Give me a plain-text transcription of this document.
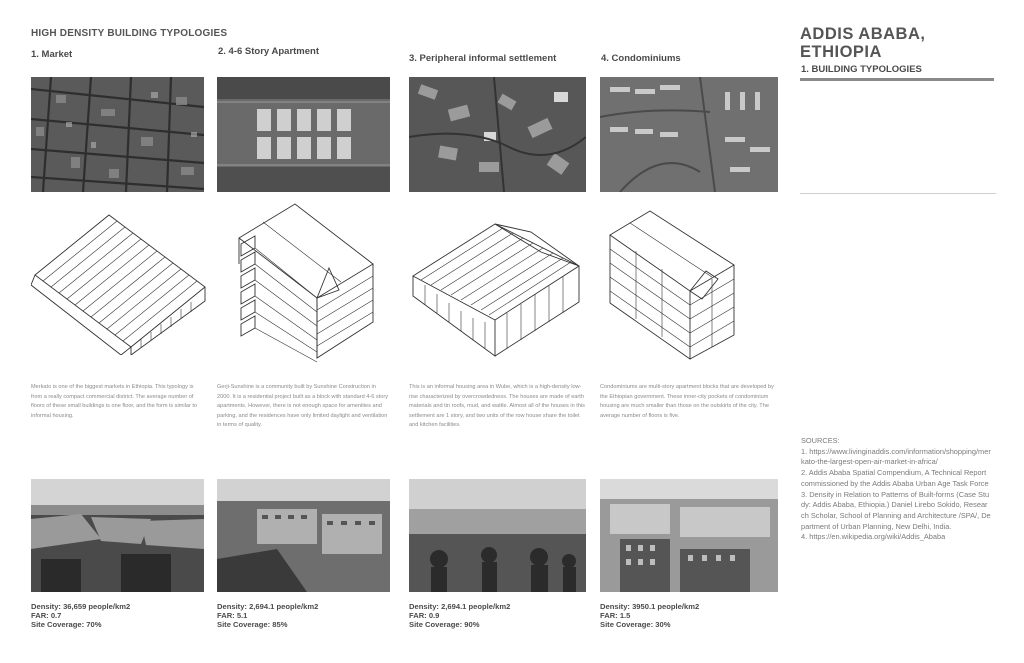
HIGH DENSITY BUILDING TYPOLOGIES
1. Market	2. 4-6 Story Apartment
3. Peripheral informal settlement	4. Condominiums
Merkato is one of the biggest markets in Ethiopia. This typology is from a really compact commercial district. The average number of floors of these small buildings is one floor, and the form is similar to informal housing.
Gerji-Sunshine is a community built by Sunshine Construction in 2000. It is a residential project built as a block with standard 4-6 story apartments. However, there is not enough space for amenities and parking, and the residences have only limited daylight and ventilation in terms of quality.
This is an informal housing area in Wube, which is a high-density low-rise characterized by overcrowdedness. The houses are made of earth materials and tin roofs, mud, and wattle. Almost all of the houses in this settlement are 1 story, and two units of the row house share the toilet and kitchen facilities.
Condominiums are multi-story apartment blocks that are developed by the Ethiopian government. These inner-city pockets of condominium housing are much smaller than those on the outskirts of the city. The average number of floors is five.
Density: 36,659 people/km2
FAR: 0.7
Site Coverage: 70%
Density: 2,694.1 people/km2
FAR: 5.1
Site Coverage: 85%
Density: 2,694.1 people/km2
FAR: 0.9
Site Coverage: 90%
Density: 3950.1 people/km2
FAR: 1.5
Site Coverage: 30%
ADDIS ABABA,
ETHIOPIA
1. BUILDING TYPOLOGIES
SOURCES:
1. https://www.livinginaddis.com/information/shopping/merkato-the-largest-open-air-market-in-africa/
2. Addis Ababa Spatial Compendium, A Technical Report commissioned by the Addis Ababa Urban Age Task Force
3. Density in Relation to Patterns of Built-forms (Case Study: Addis Ababa, Ethiopia.) Daniel Lirebo Sokido, Research Scholar, School of Planning and Architecture /SPA/, Department of Urban Planning, New Delhi, India.
4. https://en.wikipedia.org/wiki/Addis_Ababa
